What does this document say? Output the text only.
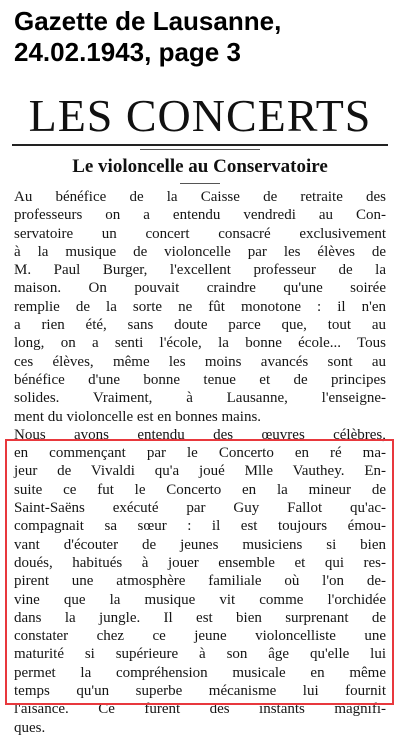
Gazette de Lausanne,
24.02.1943, page 3
LES CONCERTS
Le violoncelle au Conservatoire
Au bénéfice de la Caisse de retraite des
professeurs on a entendu vendredi au Con-
servatoire un concert consacré exclusivement
à la musique de violoncelle par les élèves de
M. Paul Burger, l'excellent professeur de la
maison. On pouvait craindre qu'une soirée
remplie de la sorte ne fût monotone : il n'en
a rien été, sans doute parce que, tout au
long, on a senti l'école, la bonne école... Tous
ces élèves, même les moins avancés sont au
bénéfice d'une bonne tenue et de principes
solides. Vraiment, à Lausanne, l'enseigne-
ment du violoncelle est en bonnes mains.
Nous avons entendu des œuvres célèbres,
en commençant par le Concerto en ré ma-
jeur de Vivaldi qu'a joué Mlle Vauthey. En-
suite ce fut le Concerto en la mineur de
Saint-Saëns exécuté par Guy Fallot qu'ac-
compagnait sa sœur : il est toujours émou-
vant d'écouter de jeunes musiciens si bien
doués, habitués à jouer ensemble et qui res-
pirent une atmosphère familiale où l'on de-
vine que la musique vit comme l'orchidée
dans la jungle. Il est bien surprenant de
constater chez ce jeune violoncelliste une
maturité si supérieure à son âge qu'elle lui
permet la compréhension musicale en même
temps qu'un superbe mécanisme lui fournit
l'aisance. Ce furent des instants magnifi-
ques.
